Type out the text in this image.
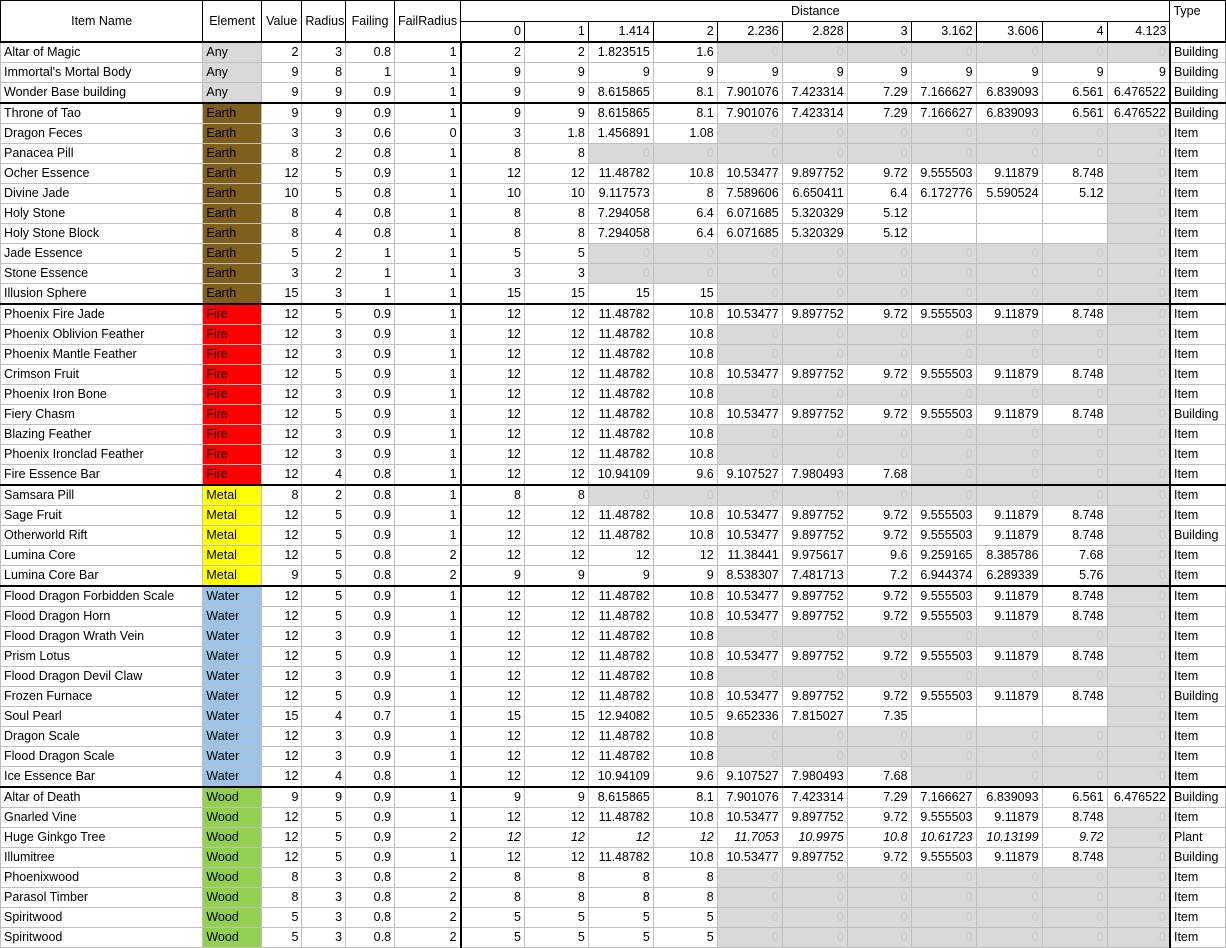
Item Name	Element	Value	Radius	Failing	FailRadius	Distance											Type
						0	1	1.414	2	2.236	2.828	3	3.162	3.606	4	4.123	
Altar of Magic	Any	2	3	0.8	1	2	2	1.823515	1.6	0	0	0	0	0	0	0	Building
Immortal's Mortal Body	Any	9	8	1	1	9	9	9	9	9	9	9	9	9	9	9	Building
Wonder Base building	Any	9	9	0.9	1	9	9	8.615865	8.1	7.901076	7.423314	7.29	7.166627	6.839093	6.561	6.476522	Building
Throne of Tao	Earth	9	9	0.9	1	9	9	8.615865	8.1	7.901076	7.423314	7.29	7.166627	6.839093	6.561	6.476522	Building
Dragon Feces	Earth	3	3	0.6	0	3	1.8	1.456891	1.08	0	0	0	0	0	0	0	Item
Panacea Pill	Earth	8	2	0.8	1	8	8	0	0	0	0	0	0	0	0	0	Item
Ocher Essence	Earth	12	5	0.9	1	12	12	11.48782	10.8	10.53477	9.897752	9.72	9.555503	9.11879	8.748	0	Item
Divine Jade	Earth	10	5	0.8	1	10	10	9.117573	8	7.589606	6.650411	6.4	6.172776	5.590524	5.12	0	Item
Holy Stone	Earth	8	4	0.8	1	8	8	7.294058	6.4	6.071685	5.320329	5.12				0	Item
Holy Stone Block	Earth	8	4	0.8	1	8	8	7.294058	6.4	6.071685	5.320329	5.12				0	Item
Jade Essence	Earth	5	2	1	1	5	5	0	0	0	0	0	0	0	0	0	Item
Stone Essence	Earth	3	2	1	1	3	3	0	0	0	0	0	0	0	0	0	Item
Illusion Sphere	Earth	15	3	1	1	15	15	15	15	0	0	0	0	0	0	0	Item
Phoenix Fire Jade	Fire	12	5	0.9	1	12	12	11.48782	10.8	10.53477	9.897752	9.72	9.555503	9.11879	8.748	0	Item
Phoenix Oblivion Feather	Fire	12	3	0.9	1	12	12	11.48782	10.8	0	0	0	0	0	0	0	Item
Phoenix Mantle Feather	Fire	12	3	0.9	1	12	12	11.48782	10.8	0	0	0	0	0	0	0	Item
Crimson Fruit	Fire	12	5	0.9	1	12	12	11.48782	10.8	10.53477	9.897752	9.72	9.555503	9.11879	8.748	0	Item
Phoenix Iron Bone	Fire	12	3	0.9	1	12	12	11.48782	10.8	0	0	0	0	0	0	0	Item
Fiery Chasm	Fire	12	5	0.9	1	12	12	11.48782	10.8	10.53477	9.897752	9.72	9.555503	9.11879	8.748	0	Building
Blazing Feather	Fire	12	3	0.9	1	12	12	11.48782	10.8	0	0	0	0	0	0	0	Item
Phoenix Ironclad Feather	Fire	12	3	0.9	1	12	12	11.48782	10.8	0	0	0	0	0	0	0	Item
Fire Essence Bar	Fire	12	4	0.8	1	12	12	10.94109	9.6	9.107527	7.980493	7.68	0	0	0	0	Item
Samsara Pill	Metal	8	2	0.8	1	8	8	0	0	0	0	0	0	0	0	0	Item
Sage Fruit	Metal	12	5	0.9	1	12	12	11.48782	10.8	10.53477	9.897752	9.72	9.555503	9.11879	8.748	0	Item
Otherworld Rift	Metal	12	5	0.9	1	12	12	11.48782	10.8	10.53477	9.897752	9.72	9.555503	9.11879	8.748	0	Building
Lumina Core	Metal	12	5	0.8	2	12	12	12	12	11.38441	9.975617	9.6	9.259165	8.385786	7.68	0	Item
Lumina Core Bar	Metal	9	5	0.8	2	9	9	9	9	8.538307	7.481713	7.2	6.944374	6.289339	5.76	0	Item
Flood Dragon Forbidden Scale	Water	12	5	0.9	1	12	12	11.48782	10.8	10.53477	9.897752	9.72	9.555503	9.11879	8.748	0	Item
Flood Dragon Horn	Water	12	5	0.9	1	12	12	11.48782	10.8	10.53477	9.897752	9.72	9.555503	9.11879	8.748	0	Item
Flood Dragon Wrath Vein	Water	12	3	0.9	1	12	12	11.48782	10.8	0	0	0	0	0	0	0	Item
Prism Lotus	Water	12	5	0.9	1	12	12	11.48782	10.8	10.53477	9.897752	9.72	9.555503	9.11879	8.748	0	Item
Flood Dragon Devil Claw	Water	12	3	0.9	1	12	12	11.48782	10.8	0	0	0	0	0	0	0	Item
Frozen Furnace	Water	12	5	0.9	1	12	12	11.48782	10.8	10.53477	9.897752	9.72	9.555503	9.11879	8.748	0	Building
Soul Pearl	Water	15	4	0.7	1	15	15	12.94082	10.5	9.652336	7.815027	7.35				0	Item
Dragon Scale	Water	12	3	0.9	1	12	12	11.48782	10.8	0	0	0	0	0	0	0	Item
Flood Dragon Scale	Water	12	3	0.9	1	12	12	11.48782	10.8	0	0	0	0	0	0	0	Item
Ice Essence Bar	Water	12	4	0.8	1	12	12	10.94109	9.6	9.107527	7.980493	7.68	0	0	0	0	Item
Altar of Death	Wood	9	9	0.9	1	9	9	8.615865	8.1	7.901076	7.423314	7.29	7.166627	6.839093	6.561	6.476522	Building
Gnarled Vine	Wood	12	5	0.9	1	12	12	11.48782	10.8	10.53477	9.897752	9.72	9.555503	9.11879	8.748	0	Item
Huge Ginkgo Tree	Wood	12	5	0.9	2	12	12	12	12	11.7053	10.9975	10.8	10.61723	10.13199	9.72	0	Plant
Illumitree	Wood	12	5	0.9	1	12	12	11.48782	10.8	10.53477	9.897752	9.72	9.555503	9.11879	8.748	0	Building
Phoenixwood	Wood	8	3	0.8	2	8	8	8	8	0	0	0	0	0	0	0	Item
Parasol Timber	Wood	8	3	0.8	2	8	8	8	8	0	0	0	0	0	0	0	Item
Spiritwood	Wood	5	3	0.8	2	5	5	5	5	0	0	0	0	0	0	0	Item
Spiritwood	Wood	5	3	0.8	2	5	5	5	5	0	0	0	0	0	0	0	Item
